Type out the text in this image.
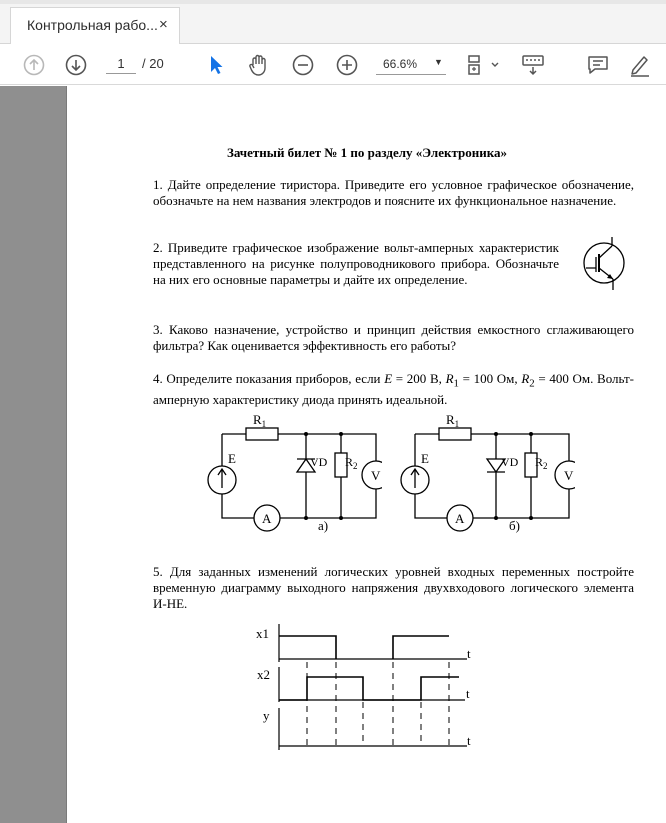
Контрольная рабо... ×
1
/ 20	66.6% ▼
Зачетный билет № 1 по разделу «Электроника»
1. Дайте определение тиристора. Приведите его условное графическое обозначение, обозначьте на нем названия электродов и поясните их функциональное назначение.
2. Приведите графическое изображение вольт-амперных характеристик представленного на рисунке полупроводникового прибора. Обозначьте на них его основные параметры и дайте их определение.
3. Каково назначение, устройство и принцип действия емкостного сглаживающего фильтра? Как оценивается эффективность его работы?
4. Определите показания приборов, если E = 200 В, $R_1 = 100$ Ом, $R_2 = 400$ Ом. Вольт-амперную характеристику диода принять идеальной.
$R_1$
E	VD $R_2$
V
A	а)
$R_1$
E	VD $R_2$
V
A	б)
5. Для заданных изменений логических уровней входных переменных постройте временную диаграмму выходного напряжения двухвходового логического элемента И-НЕ.
x1
x2
y
t
t
t
